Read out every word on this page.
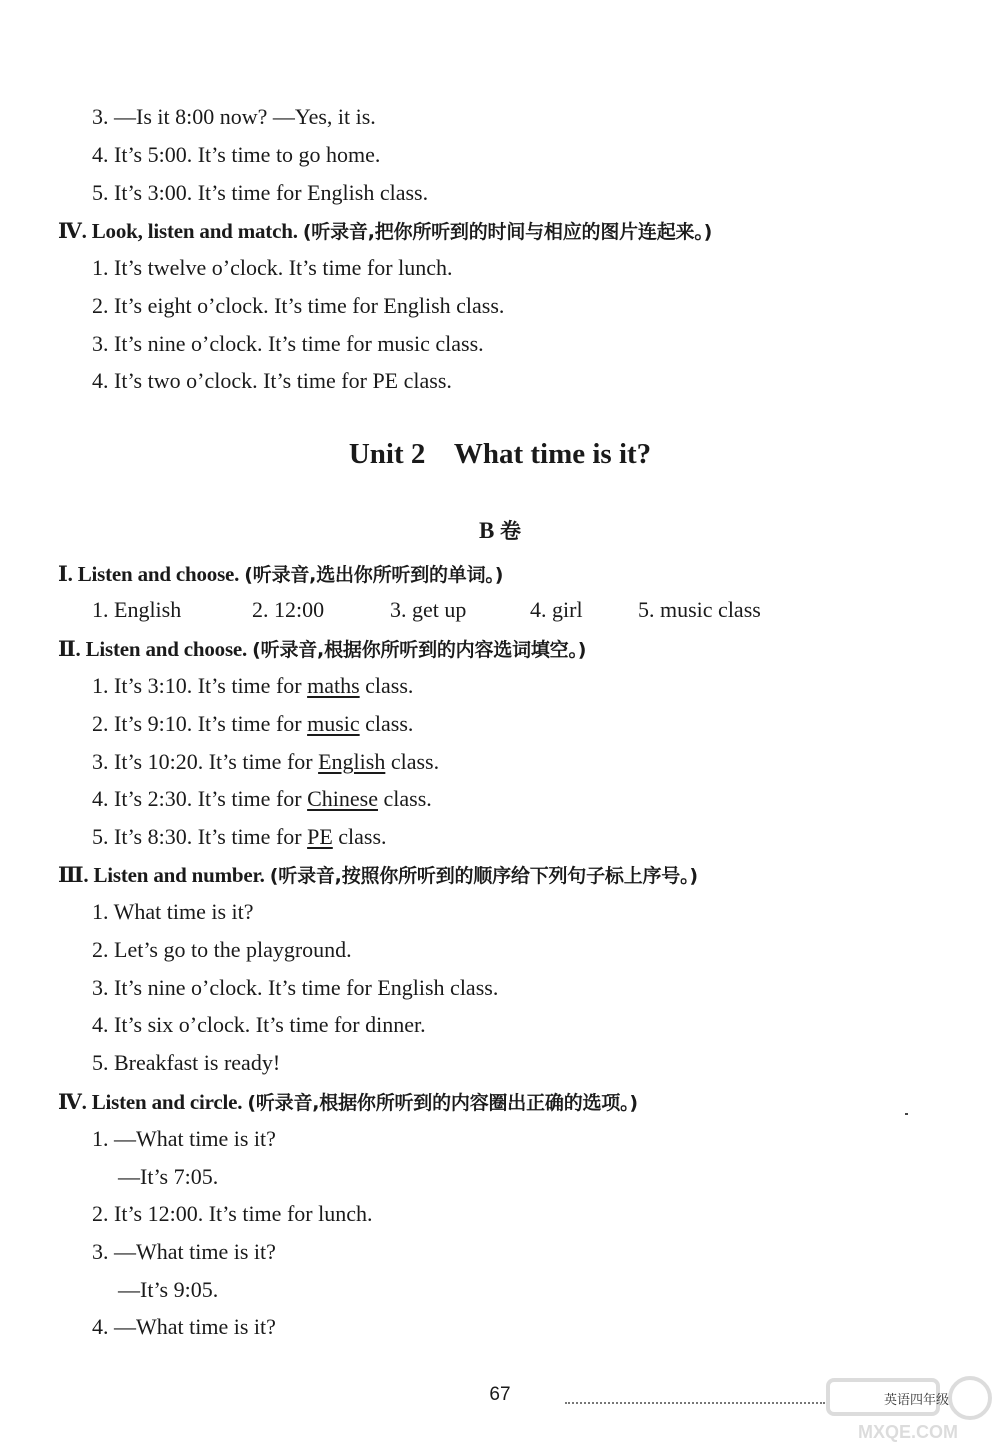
3. —Is it 8:00 now? —Yes, it is.
4. It’s 5:00. It’s time to go home.
5. It’s 3:00. It’s time for English class.
Ⅳ. Look, listen and match. (听录音,把你所听到的时间与相应的图片连起来。)
1. It’s twelve o’clock. It’s time for lunch.
2. It’s eight o’clock. It’s time for English class.
3. It’s nine o’clock. It’s time for music class.
4. It’s two o’clock. It’s time for PE class.
Unit 2 What time is it?
B 卷
Ⅰ. Listen and choose. (听录音,选出你所听到的单词。)
1. English	2. 12:00	3. get up	4. girl	5. music class
Ⅱ. Listen and choose. (听录音,根据你所听到的内容选词填空。)
1. It’s 3:10. It’s time for maths class.
2. It’s 9:10. It’s time for music class.
3. It’s 10:20. It’s time for English class.
4. It’s 2:30. It’s time for Chinese class.
5. It’s 8:30. It’s time for PE class.
Ⅲ. Listen and number. (听录音,按照你所听到的顺序给下列句子标上序号。)
1. What time is it?
2. Let’s go to the playground.
3. It’s nine o’clock. It’s time for English class.
4. It’s six o’clock. It’s time for dinner.
5. Breakfast is ready!
Ⅳ. Listen and circle. (听录音,根据你所听到的内容圈出正确的选项。)
1. —What time is it?
—It’s 7:05.
2. It’s 12:00. It’s time for lunch.
3. —What time is it?
—It’s 9:05.
4. —What time is it?
67	英语四年级
MXQE.COM
